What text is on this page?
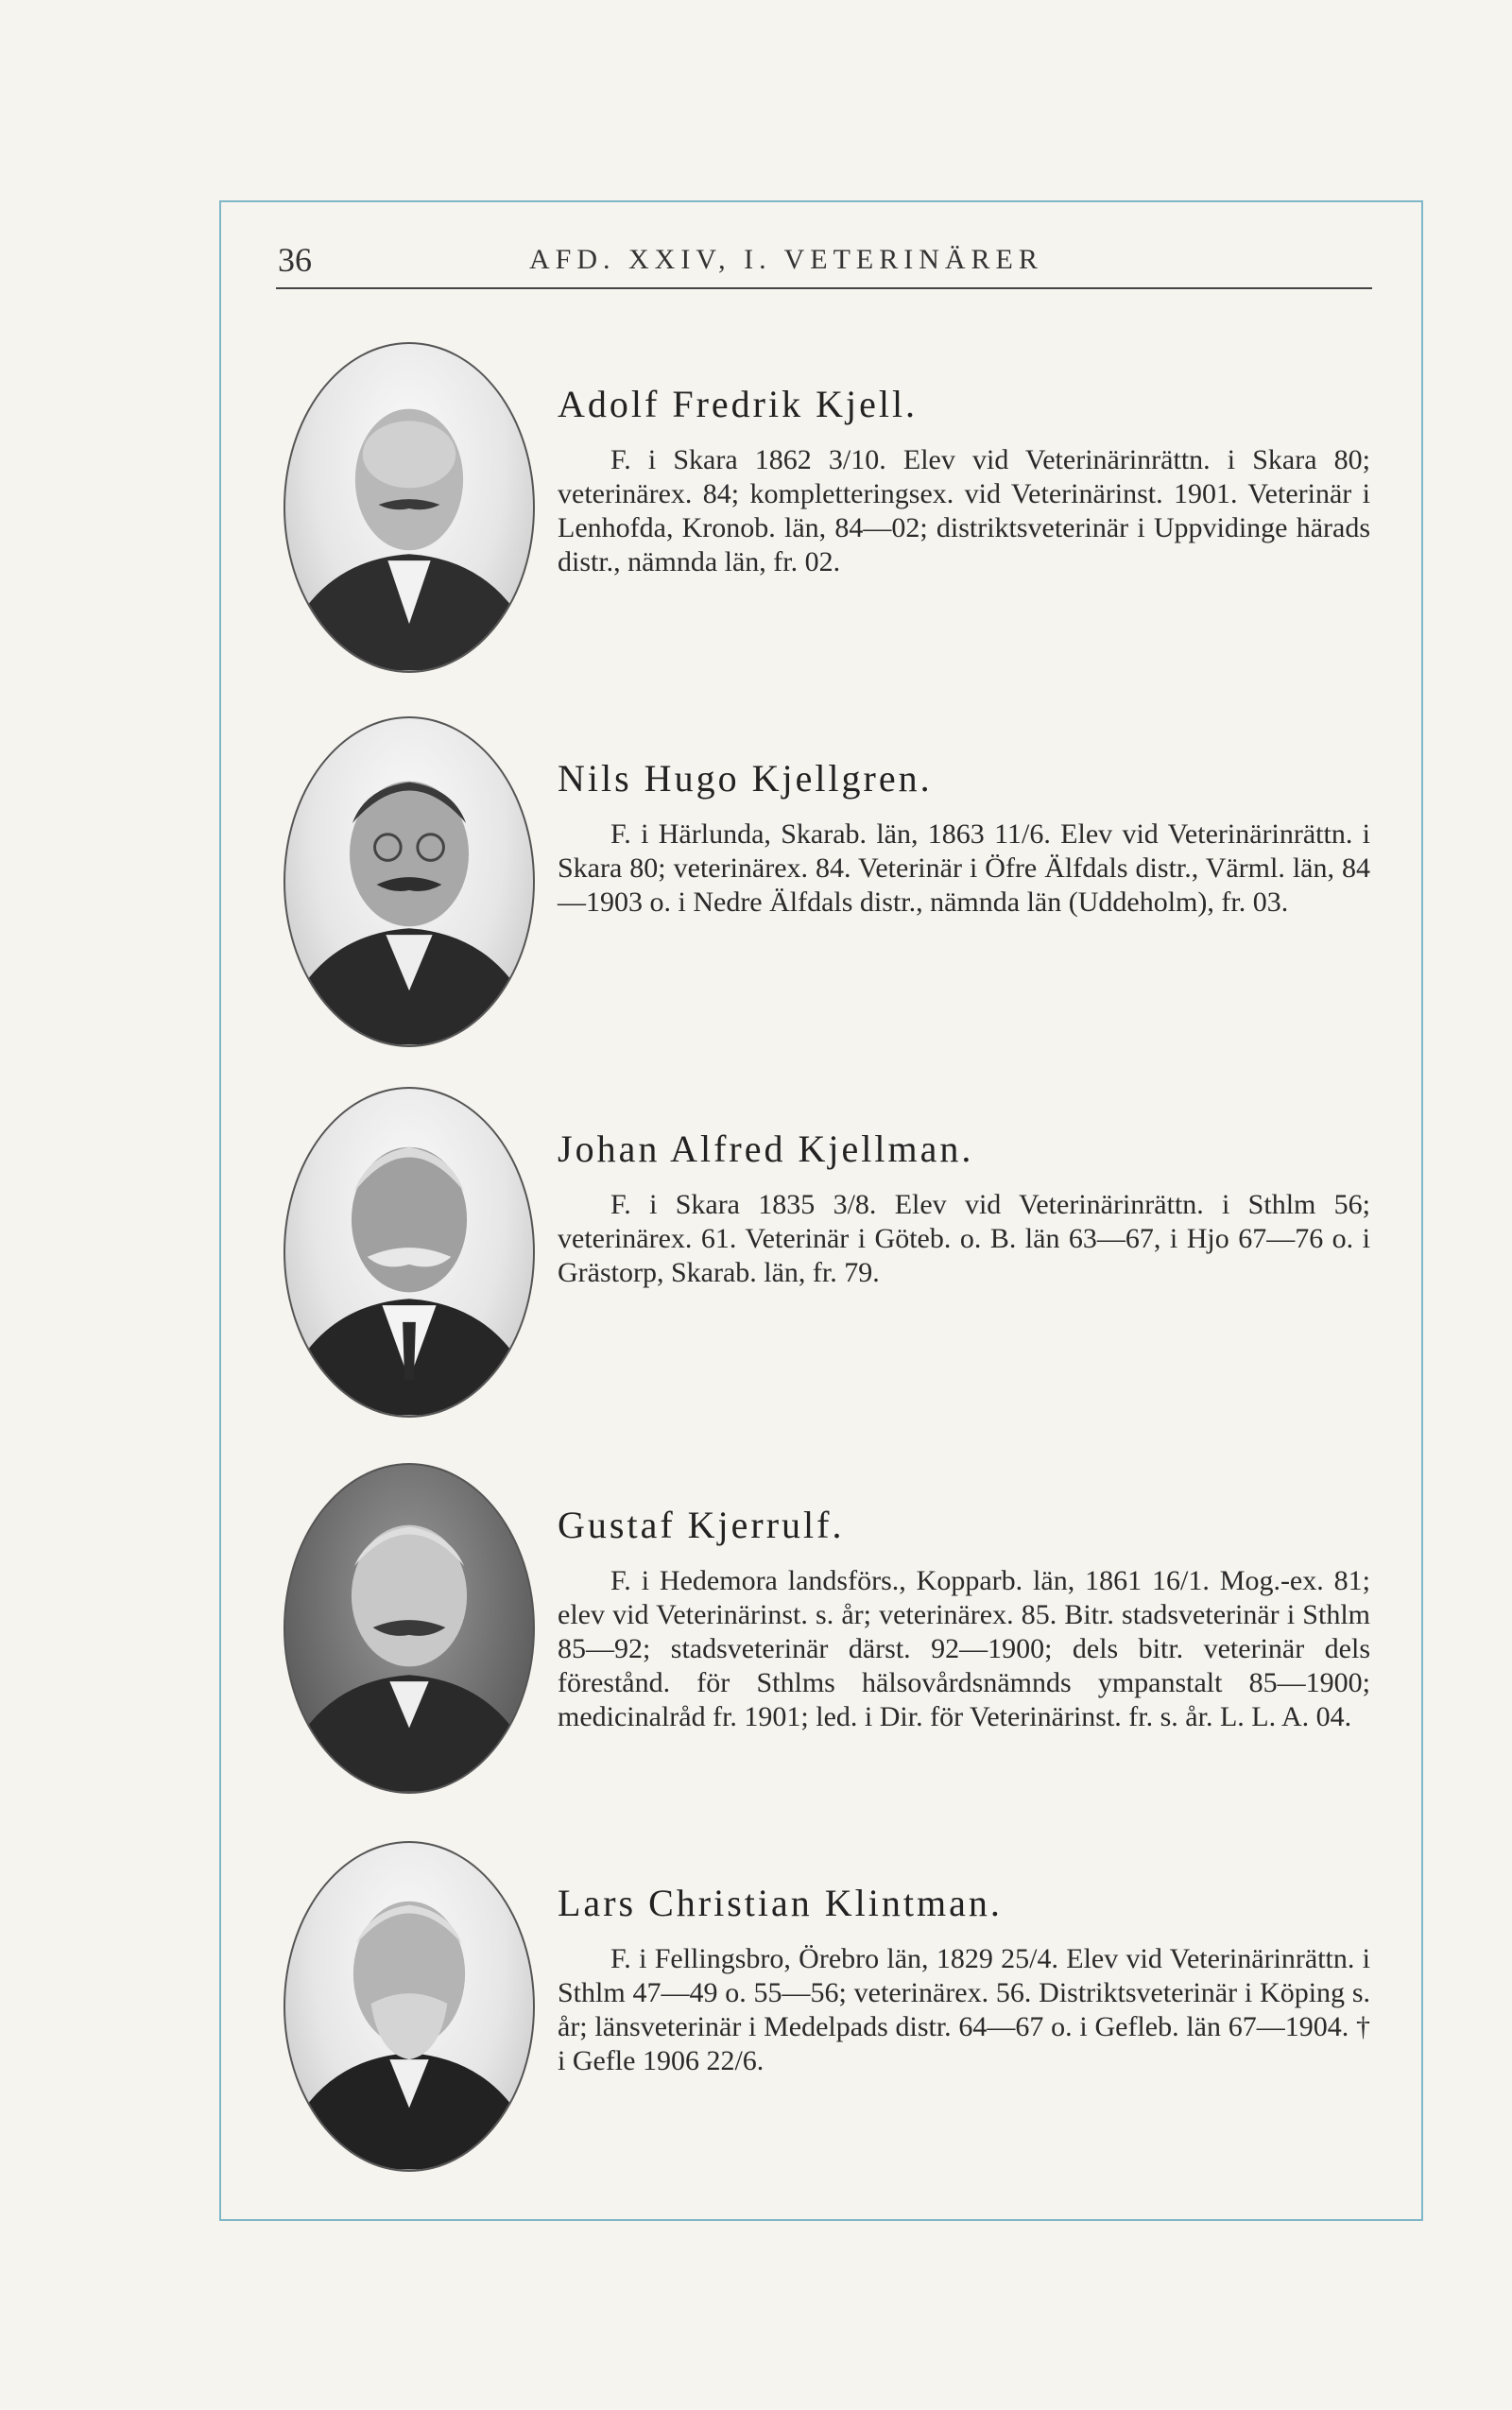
36	AFD. XXIV, I. VETERINÄRER

Adolf Fredrik Kjell.

F. i Skara 1862 3/10. Elev vid Veterinärinrättn. i Skara 80; veterinärex. 84; kompletteringsex. vid Veterinärinst. 1901. Veterinär i Lenhofda, Kronob. län, 84—02; distriktsveterinär i Uppvidinge härads distr., nämnda län, fr. 02.

Nils Hugo Kjellgren.

F. i Härlunda, Skarab. län, 1863 11/6. Elev vid Veterinärinrättn. i Skara 80; veterinärex. 84. Veterinär i Öfre Älfdals distr., Värml. län, 84—1903 o. i Nedre Älfdals distr., nämnda län (Uddeholm), fr. 03.

Johan Alfred Kjellman.

F. i Skara 1835 3/8. Elev vid Veterinärinrättn. i Sthlm 56; veterinärex. 61. Veterinär i Göteb. o. B. län 63—67, i Hjo 67—76 o. i Grästorp, Skarab. län, fr. 79.

Gustaf Kjerrulf.

F. i Hedemora landsförs., Kopparb. län, 1861 16/1. Mog.-ex. 81; elev vid Veterinärinst. s. år; veterinärex. 85. Bitr. stadsveterinär i Sthlm 85—92; stadsveterinär därst. 92—1900; dels bitr. veterinär dels förestånd. för Sthlms hälsovårdsnämnds ympanstalt 85—1900; medicinalråd fr. 1901; led. i Dir. för Veterinärinst. fr. s. år. L. L. A. 04.

Lars Christian Klintman.

F. i Fellingsbro, Örebro län, 1829 25/4. Elev vid Veterinärinrättn. i Sthlm 47—49 o. 55—56; veterinärex. 56. Distriktsveterinär i Köping s. år; länsveterinär i Medelpads distr. 64—67 o. i Gefleb. län 67—1904. † i Gefle 1906 22/6.
